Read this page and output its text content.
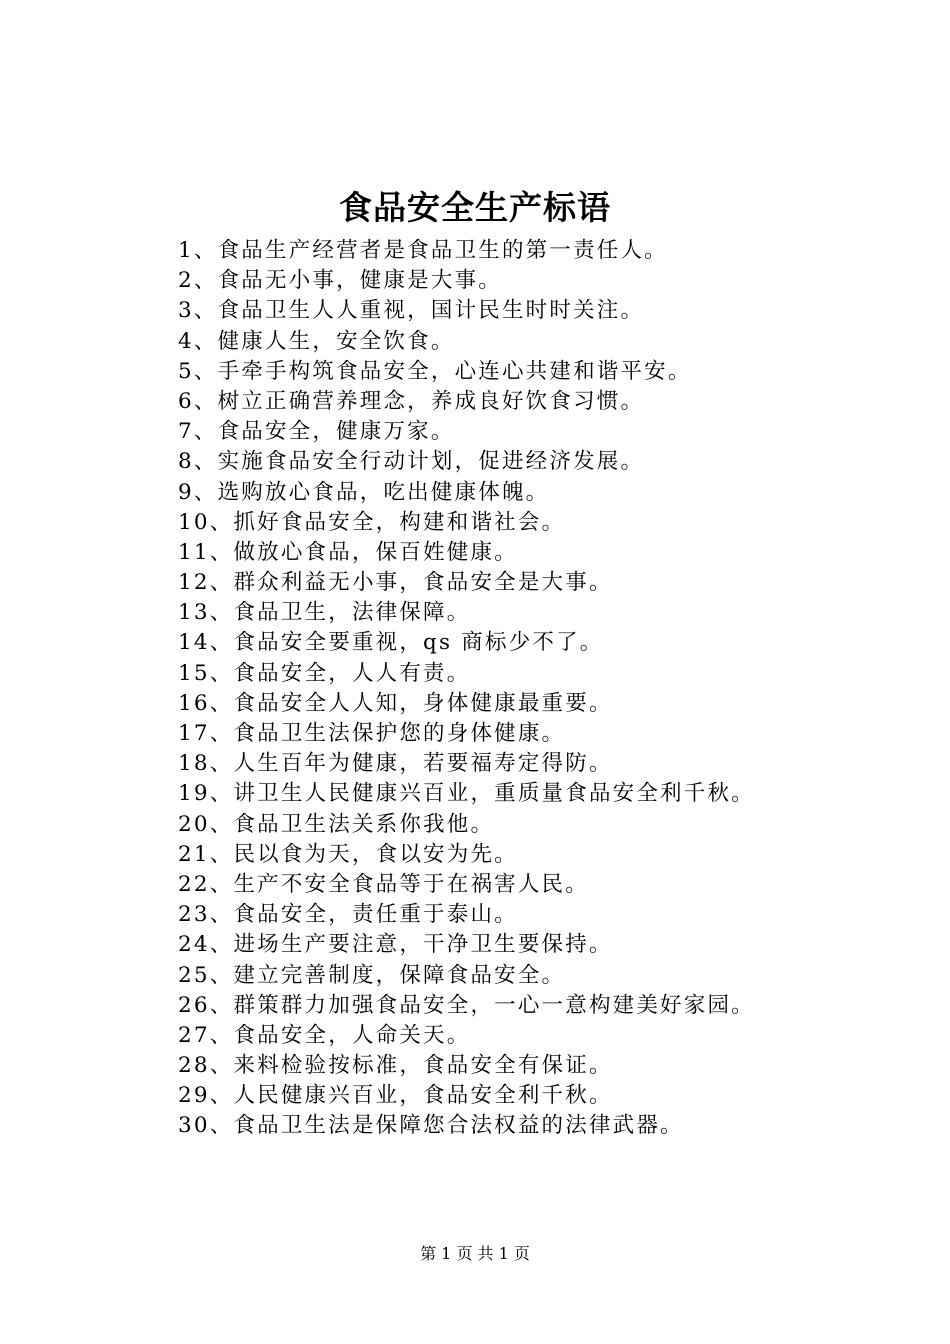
食品安全生产标语
1、食品生产经营者是食品卫生的第一责任人。
2、食品无小事，健康是大事。
3、食品卫生人人重视，国计民生时时关注。
4、健康人生，安全饮食。
5、手牵手构筑食品安全，心连心共建和谐平安。
6、树立正确营养理念，养成良好饮食习惯。
7、食品安全，健康万家。
8、实施食品安全行动计划，促进经济发展。
9、选购放心食品，吃出健康体魄。
10、抓好食品安全，构建和谐社会。
11、做放心食品，保百姓健康。
12、群众利益无小事，食品安全是大事。
13、食品卫生，法律保障。
14、食品安全要重视，qs 商标少不了。
15、食品安全，人人有责。
16、食品安全人人知，身体健康最重要。
17、食品卫生法保护您的身体健康。
18、人生百年为健康，若要福寿定得防。
19、讲卫生人民健康兴百业，重质量食品安全利千秋。
20、食品卫生法关系你我他。
21、民以食为天，食以安为先。
22、生产不安全食品等于在祸害人民。
23、食品安全，责任重于泰山。
24、进场生产要注意，干净卫生要保持。
25、建立完善制度，保障食品安全。
26、群策群力加强食品安全，一心一意构建美好家园。
27、食品安全，人命关天。
28、来料检验按标准，食品安全有保证。
29、人民健康兴百业，食品安全利千秋。
30、食品卫生法是保障您合法权益的法律武器。
第 1 页 共 1 页
